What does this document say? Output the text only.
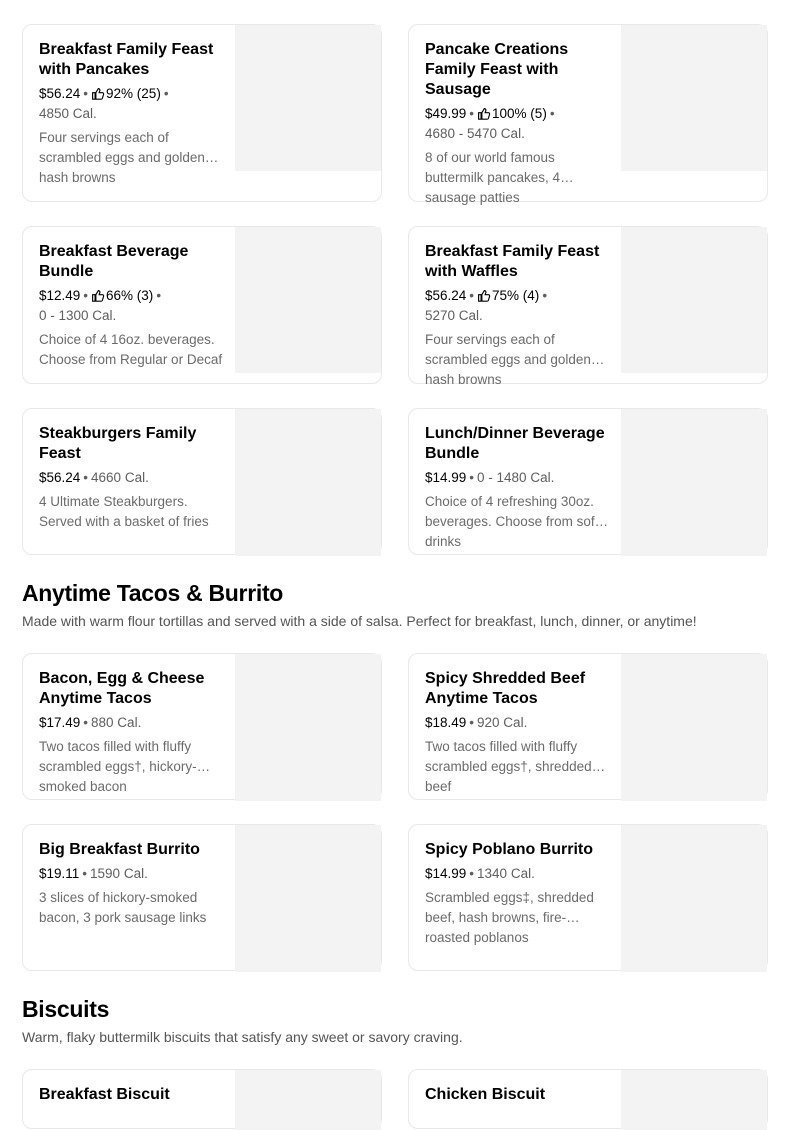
Breakfast Family Feast with Pancakes
$56.24 • 92% (25) •
4850 Cal.
Four servings each of scrambled eggs and golden hash browns
Pancake Creations Family Feast with Sausage
$49.99 • 100% (5) •
4680 - 5470 Cal.
8 of our world famous buttermilk pancakes, 4 sausage patties
Breakfast Beverage Bundle
$12.49 • 66% (3) •
0 - 1300 Cal.
Choice of 4 16oz. beverages. Choose from Regular or Decaf
Breakfast Family Feast with Waffles
$56.24 • 75% (4) •
5270 Cal.
Four servings each of scrambled eggs and golden hash browns
Steakburgers Family Feast
$56.24 • 4660 Cal.
4 Ultimate Steakburgers. Served with a basket of fries
Lunch/Dinner Beverage Bundle
$14.99 • 0 - 1480 Cal.
Choice of 4 refreshing 30oz. beverages. Choose from soft drinks
Anytime Tacos & Burrito
Made with warm flour tortillas and served with a side of salsa. Perfect for breakfast, lunch, dinner, or anytime!
Bacon, Egg & Cheese Anytime Tacos
$17.49 • 880 Cal.
Two tacos filled with fluffy scrambled eggs†, hickory-smoked bacon
Spicy Shredded Beef Anytime Tacos
$18.49 • 920 Cal.
Two tacos filled with fluffy scrambled eggs†, shredded beef
Big Breakfast Burrito
$19.11 • 1590 Cal.
3 slices of hickory-smoked bacon, 3 pork sausage links
Spicy Poblano Burrito
$14.99 • 1340 Cal.
Scrambled eggs‡, shredded beef, hash browns, fire-roasted poblanos
Biscuits
Warm, flaky buttermilk biscuits that satisfy any sweet or savory craving.
Breakfast Biscuit	Chicken Biscuit
